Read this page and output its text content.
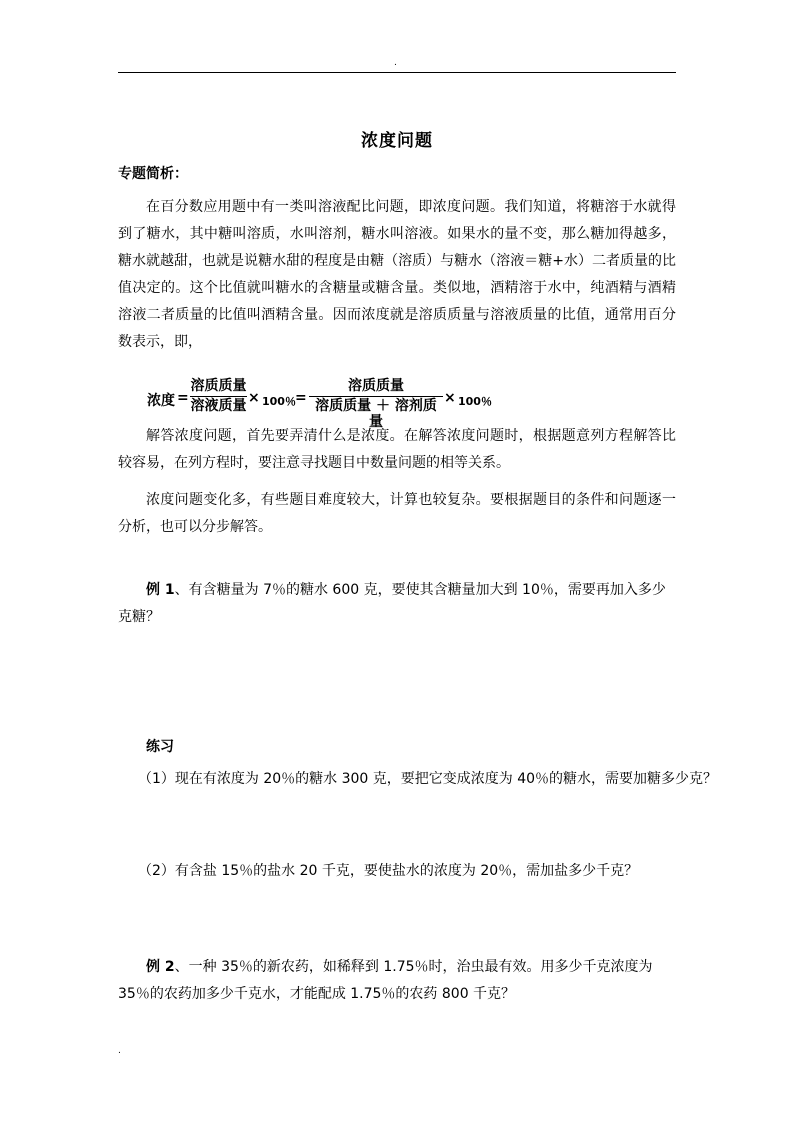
.
浓度问题
专题简析：
在百分数应用题中有一类叫溶液配比问题，即浓度问题。我们知道，将糖溶于水就得到了糖水，其中糖叫溶质，水叫溶剂，糖水叫溶液。如果水的量不变，那么糖加得越多，糖水就越甜，也就是说糖水甜的程度是由糖（溶质）与糖水（溶液＝糖+水）二者质量的比值决定的。这个比值就叫糖水的含糖量或糖含量。类似地，酒精溶于水中，纯酒精与酒精溶液二者质量的比值叫酒精含量。因而浓度就是溶质质量与溶液质量的比值，通常用百分数表示，即，
浓度 =
溶质质量
溶液质量 × 100％ =
溶质质量
溶质质量 ＋ 溶剂质量
× 100％
解答浓度问题，首先要弄清什么是浓度。在解答浓度问题时，根据题意列方程解答比较容易，在列方程时，要注意寻找题目中数量问题的相等关系。
浓度问题变化多，有些题目难度较大，计算也较复杂。要根据题目的条件和问题逐一分析，也可以分步解答。
例 1、有含糖量为 7％的糖水 600 克，要使其含糖量加大到 10％，需要再加入多少克糖？
练习
（1）现在有浓度为 20％的糖水 300 克，要把它变成浓度为 40％的糖水，需要加糖多少克？
（2）有含盐 15％的盐水 20 千克，要使盐水的浓度为 20％，需加盐多少千克？
例 2、一种 35％的新农药，如稀释到 1.75％时，治虫最有效。用多少千克浓度为 35％的农药加多少千克水，才能配成 1.75％的农药 800 千克？
.
